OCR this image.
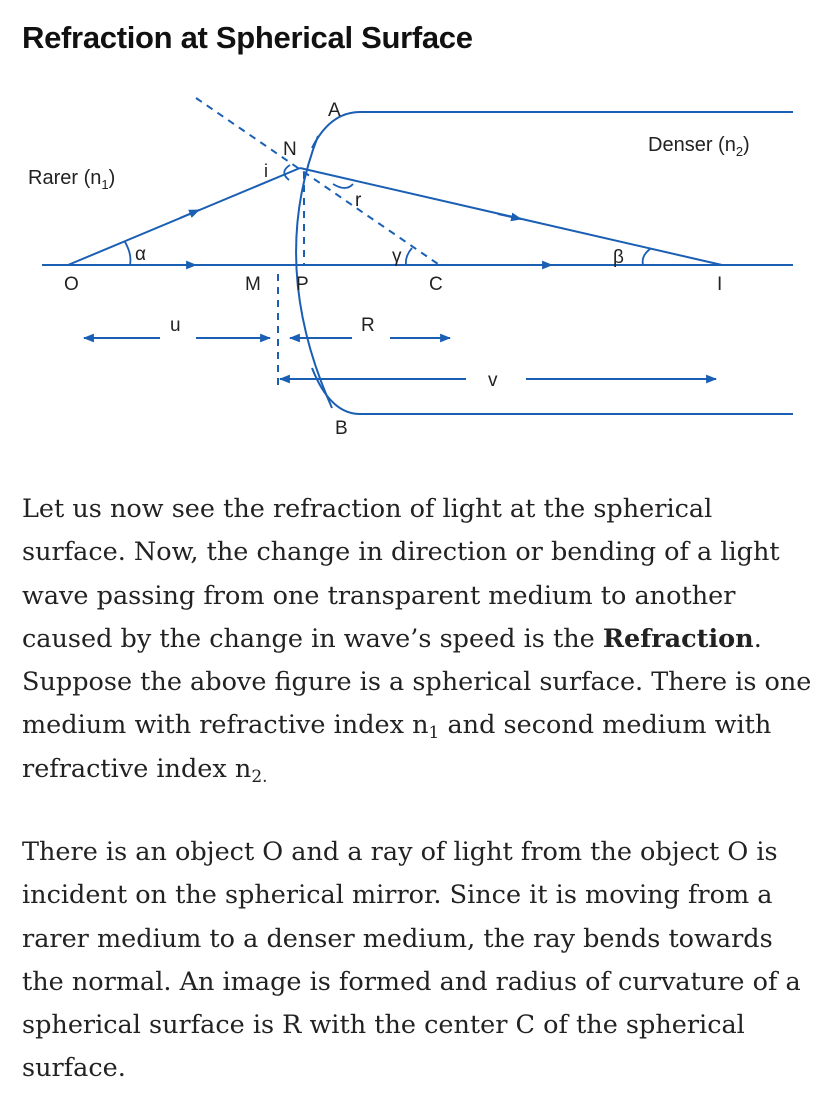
Refraction at Spherical Surface
A
N
i
r
α	γ	β
O	M P	C	I
u	R
v
B
Rarer $(n_1)$
Denser $(n_2)$

Let us now see the refraction of light at the spherical surface. Now, the change in direction or bending of a light wave passing from one transparent medium to another caused by the change in wave’s speed is the Refraction. Suppose the above figure is a spherical surface. There is one medium with refractive index $n_1$ and second medium with refractive index $n_{2.}$

There is an object O and a ray of light from the object O is incident on the spherical mirror. Since it is moving from a rarer medium to a denser medium, the ray bends towards the normal. An image is formed and radius of curvature of a spherical surface is R with the center C of the spherical surface.
